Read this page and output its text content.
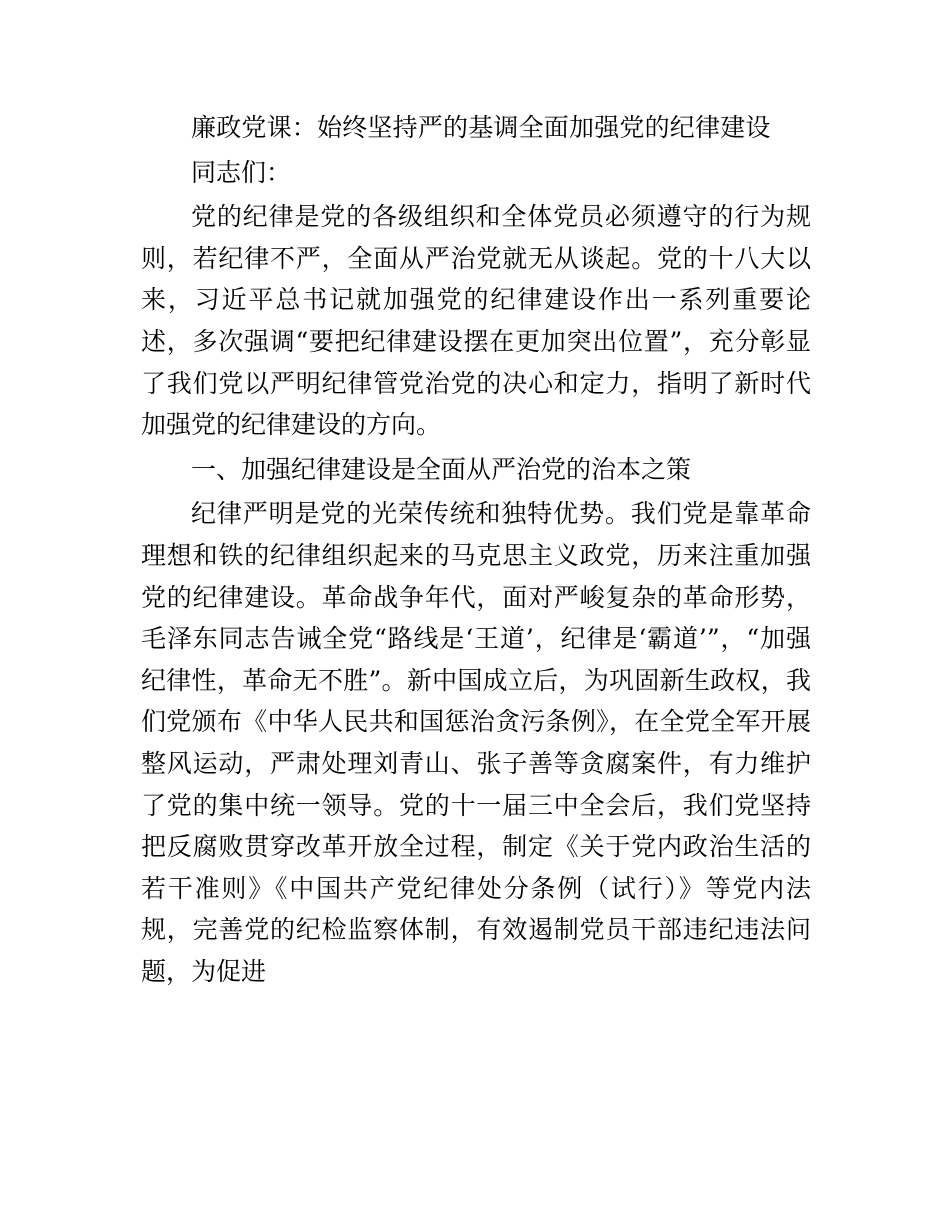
廉政党课：始终坚持严的基调全面加强党的纪律建设

同志们：

党的纪律是党的各级组织和全体党员必须遵守的行为规则，若纪律不严，全面从严治党就无从谈起。党的十八大以来，习近平总书记就加强党的纪律建设作出一系列重要论述，多次强调“要把纪律建设摆在更加突出位置”，充分彰显了我们党以严明纪律管党治党的决心和定力，指明了新时代加强党的纪律建设的方向。

一、加强纪律建设是全面从严治党的治本之策

纪律严明是党的光荣传统和独特优势。我们党是靠革命理想和铁的纪律组织起来的马克思主义政党，历来注重加强党的纪律建设。革命战争年代，面对严峻复杂的革命形势，毛泽东同志告诫全党“路线是‘王道’，纪律是‘霸道’”，“加强纪律性，革命无不胜”。新中国成立后，为巩固新生政权，我们党颁布《中华人民共和国惩治贪污条例》，在全党全军开展整风运动，严肃处理刘青山、张子善等贪腐案件，有力维护了党的集中统一领导。党的十一届三中全会后，我们党坚持把反腐败贯穿改革开放全过程，制定《关于党内政治生活的若干准则》《中国共产党纪律处分条例（试行）》等党内法规，完善党的纪检监察体制，有效遏制党员干部违纪违法问题，为促进
